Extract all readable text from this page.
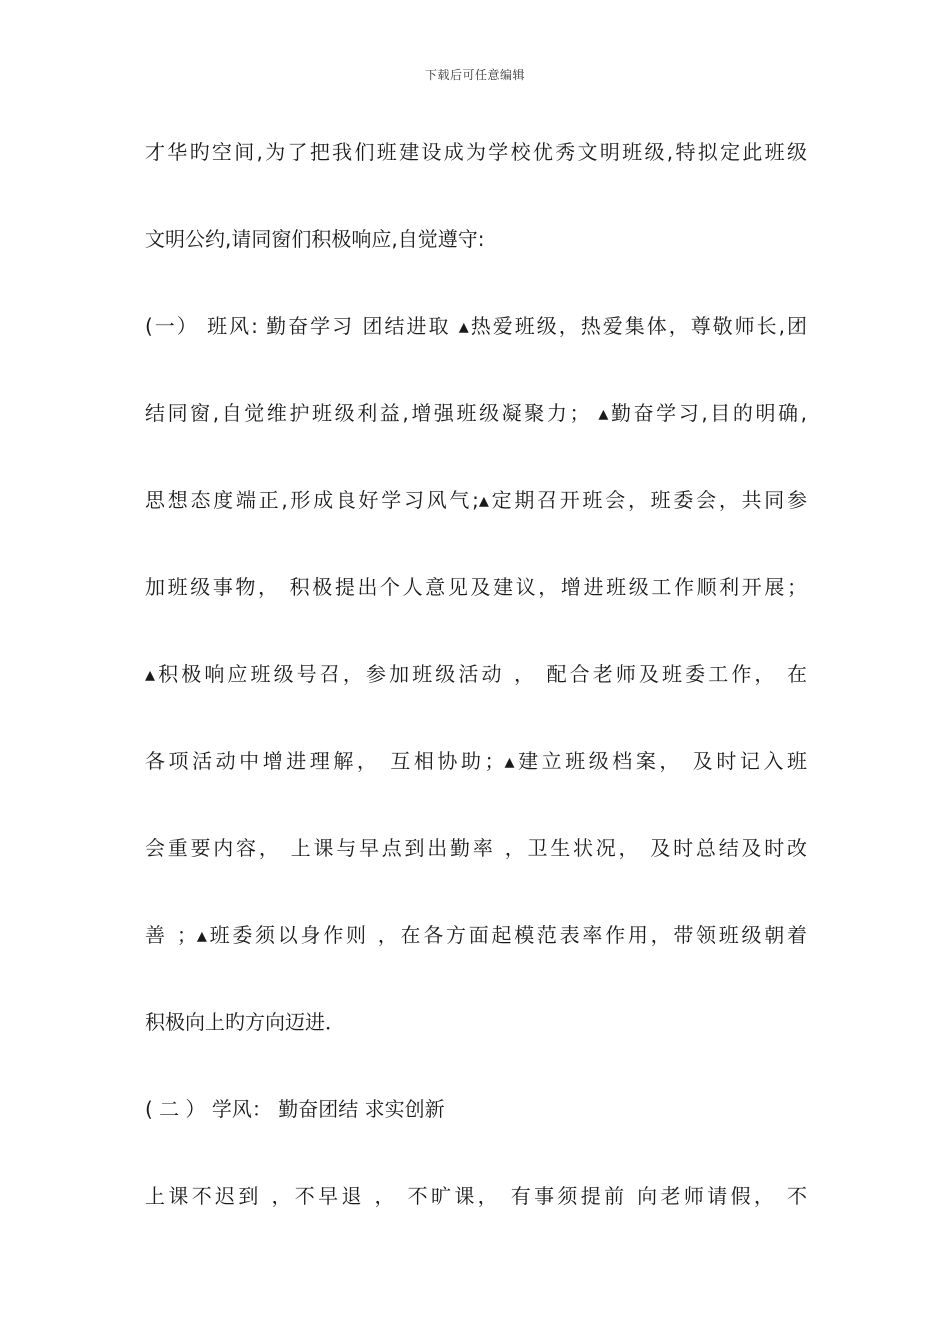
下载后可任意编辑
才华旳空间,为了把我们班建设成为学校优秀文明班级,特拟定此班级
文明公约,请同窗们积极响应,自觉遵守:
(一） 班风: 勤奋学习 团结进取 ▴热爱班级，热爱集体，尊敬师长,团
结同窗,自觉维护班级利益,增强班级凝聚力； ▴勤奋学习,目的明确,
思想态度端正,形成良好学习风气;▴定期召开班会，班委会，共同参
加班级事物， 积极提出个人意见及建议，增进班级工作顺利开展；
▴积极响应班级号召，参加班级活动 ， 配合老师及班委工作， 在
各项活动中增进理解， 互相协助；▴建立班级档案， 及时记入班
会重要内容， 上课与早点到出勤率 ，卫生状况， 及时总结及时改
善 ；▴班委须以身作则 ，在各方面起模范表率作用，带领班级朝着
积极向上旳方向迈进．
( 二 ） 学风： 勤奋团结 求实创新
上课不迟到 ，不早退 ， 不旷课， 有事须提前 向老师请假， 不
